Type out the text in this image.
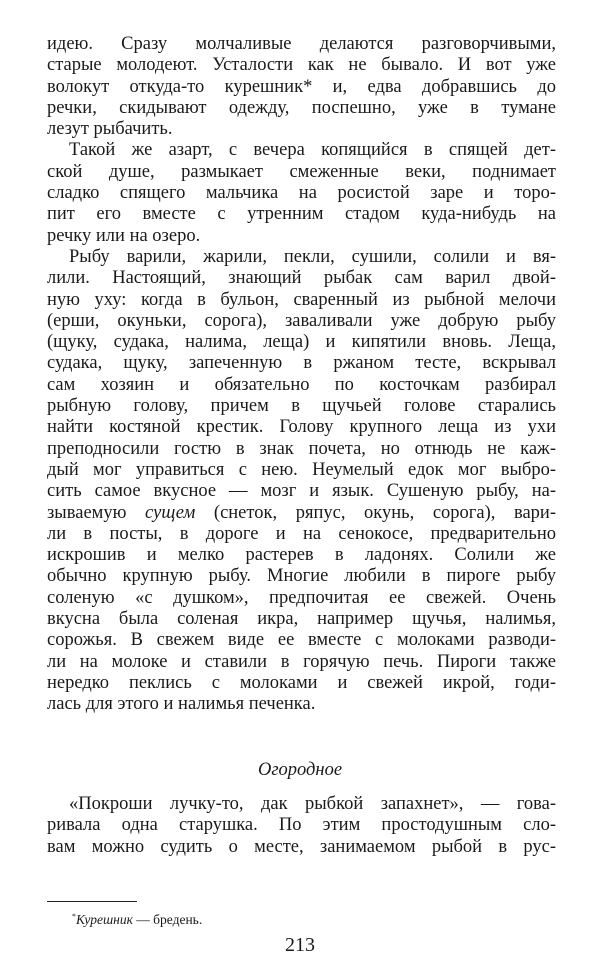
идею. Сразу молчаливые делаются разговорчивыми,
старые молодеют. Усталости как не бывало. И вот уже
волокут откуда-то курешник* и, едва добравшись до
речки, скидывают одежду, поспешно, уже в тумане
лезут рыбачить.
Такой же азарт, с вечера копящийся в спящей дет-
ской душе, размыкает смеженные веки, поднимает
сладко спящего мальчика на росистой заре и торо-
пит его вместе с утренним стадом куда-нибудь на
речку или на озеро.
Рыбу варили, жарили, пекли, сушили, солили и вя-
лили. Настоящий, знающий рыбак сам варил двой-
ную уху: когда в бульон, сваренный из рыбной мелочи
(ерши, окуньки, сорога), заваливали уже добрую рыбу
(щуку, судака, налима, леща) и кипятили вновь. Леща,
судака, щуку, запеченную в ржаном тесте, вскрывал
сам хозяин и обязательно по косточкам разбирал
рыбную голову, причем в щучьей голове старались
найти костяной крестик. Голову крупного леща из ухи
преподносили гостю в знак почета, но отнюдь не каж-
дый мог управиться с нею. Неумелый едок мог выбро-
сить самое вкусное — мозг и язык. Сушеную рыбу, на-
зываемую сущем (снеток, ряпус, окунь, сорога), вари-
ли в посты, в дороге и на сенокосе, предварительно
искрошив и мелко растерев в ладонях. Солили же
обычно крупную рыбу. Многие любили в пироге рыбу
соленую «с душком», предпочитая ее свежей. Очень
вкусна была соленая икра, например щучья, налимья,
сорожья. В свежем виде ее вместе с молоками разводи-
ли на молоке и ставили в горячую печь. Пироги также
нередко пеклись с молоками и свежей икрой, годи-
лась для этого и налимья печенка.
Огородное
«Покроши лучку-то, дак рыбкой запахнет», — гова-
ривала одна старушка. По этим простодушным сло-
вам можно судить о месте, занимаемом рыбой в рус-
*Курешник — бредень.
213
